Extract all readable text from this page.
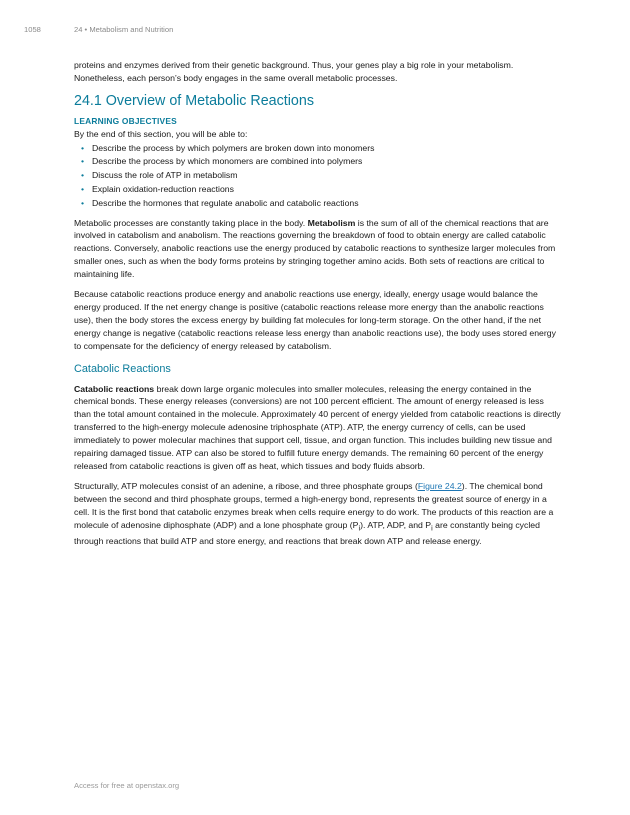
1058	24 • Metabolism and Nutrition

proteins and enzymes derived from their genetic background. Thus, your genes play a big role in your metabolism. Nonetheless, each person’s body engages in the same overall metabolic processes.

24.1 Overview of Metabolic Reactions
LEARNING OBJECTIVES
By the end of this section, you will be able to:
• Describe the process by which polymers are broken down into monomers
• Describe the process by which monomers are combined into polymers
• Discuss the role of ATP in metabolism
• Explain oxidation-reduction reactions
• Describe the hormones that regulate anabolic and catabolic reactions

Metabolic processes are constantly taking place in the body. Metabolism is the sum of all of the chemical reactions that are involved in catabolism and anabolism. The reactions governing the breakdown of food to obtain energy are called catabolic reactions. Conversely, anabolic reactions use the energy produced by catabolic reactions to synthesize larger molecules from smaller ones, such as when the body forms proteins by stringing together amino acids. Both sets of reactions are critical to maintaining life.

Because catabolic reactions produce energy and anabolic reactions use energy, ideally, energy usage would balance the energy produced. If the net energy change is positive (catabolic reactions release more energy than the anabolic reactions use), then the body stores the excess energy by building fat molecules for long-term storage. On the other hand, if the net energy change is negative (catabolic reactions release less energy than anabolic reactions use), the body uses stored energy to compensate for the deficiency of energy released by catabolism.

Catabolic Reactions

Catabolic reactions break down large organic molecules into smaller molecules, releasing the energy contained in the chemical bonds. These energy releases (conversions) are not 100 percent efficient. The amount of energy released is less than the total amount contained in the molecule. Approximately 40 percent of energy yielded from catabolic reactions is directly transferred to the high-energy molecule adenosine triphosphate (ATP). ATP, the energy currency of cells, can be used immediately to power molecular machines that support cell, tissue, and organ function. This includes building new tissue and repairing damaged tissue. ATP can also be stored to fulfill future energy demands. The remaining 60 percent of the energy released from catabolic reactions is given off as heat, which tissues and body fluids absorb.

Structurally, ATP molecules consist of an adenine, a ribose, and three phosphate groups (Figure 24.2). The chemical bond between the second and third phosphate groups, termed a high-energy bond, represents the greatest source of energy in a cell. It is the first bond that catabolic enzymes break when cells require energy to do work. The products of this reaction are a molecule of adenosine diphosphate (ADP) and a lone phosphate group $(P_i)$. ATP, ADP, and $P_i$ are constantly being cycled through reactions that build ATP and store energy, and reactions that break down ATP and release energy.

Access for free at openstax.org
